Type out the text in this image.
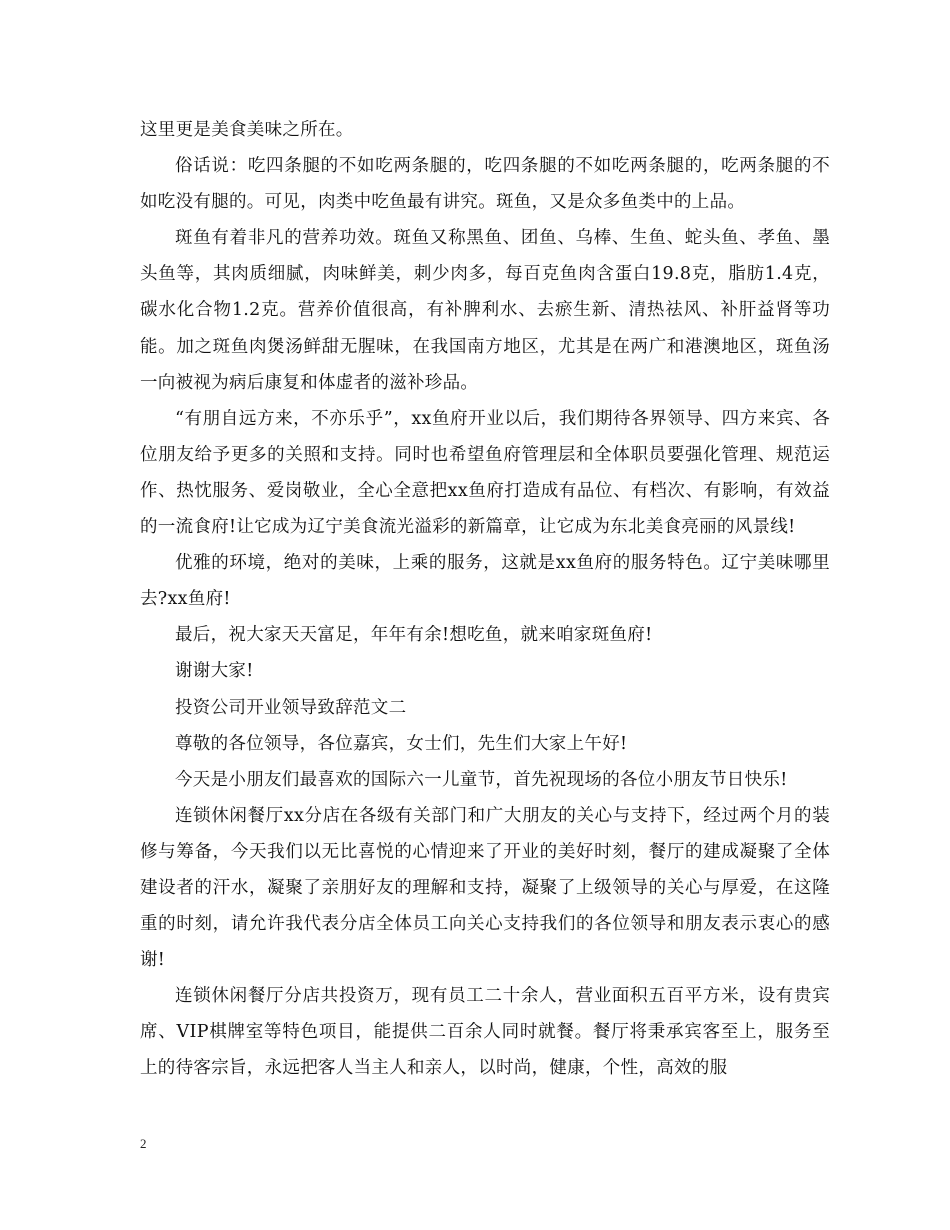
这里更是美食美味之所在。

俗话说：吃四条腿的不如吃两条腿的，吃四条腿的不如吃两条腿的，吃两条腿的不如吃没有腿的。可见，肉类中吃鱼最有讲究。斑鱼，又是众多鱼类中的上品。

斑鱼有着非凡的营养功效。斑鱼又称黑鱼、团鱼、乌棒、生鱼、蛇头鱼、孝鱼、墨头鱼等，其肉质细腻，肉味鲜美，刺少肉多，每百克鱼肉含蛋白19.8克，脂肪1.4克，碳水化合物1.2克。营养价值很高，有补脾利水、去瘀生新、清热祛风、补肝益肾等功能。加之斑鱼肉煲汤鲜甜无腥味，在我国南方地区，尤其是在两广和港澳地区，斑鱼汤一向被视为病后康复和体虚者的滋补珍品。

“有朋自远方来，不亦乐乎”，xx鱼府开业以后，我们期待各界领导、四方来宾、各位朋友给予更多的关照和支持。同时也希望鱼府管理层和全体职员要强化管理、规范运作、热忱服务、爱岗敬业，全心全意把xx鱼府打造成有品位、有档次、有影响，有效益的一流食府!让它成为辽宁美食流光溢彩的新篇章，让它成为东北美食亮丽的风景线!

优雅的环境，绝对的美味，上乘的服务，这就是xx鱼府的服务特色。辽宁美味哪里去?xx鱼府!

最后，祝大家天天富足，年年有余!想吃鱼，就来咱家斑鱼府!

谢谢大家!

投资公司开业领导致辞范文二

尊敬的各位领导，各位嘉宾，女士们，先生们大家上午好!

今天是小朋友们最喜欢的国际六一儿童节，首先祝现场的各位小朋友节日快乐!

连锁休闲餐厅xx分店在各级有关部门和广大朋友的关心与支持下，经过两个月的装修与筹备，今天我们以无比喜悦的心情迎来了开业的美好时刻，餐厅的建成凝聚了全体建设者的汗水，凝聚了亲朋好友的理解和支持，凝聚了上级领导的关心与厚爱，在这隆重的时刻，请允许我代表分店全体员工向关心支持我们的各位领导和朋友表示衷心的感谢!

连锁休闲餐厅分店共投资万，现有员工二十余人，营业面积五百平方米，设有贵宾席、VIP棋牌室等特色项目，能提供二百余人同时就餐。餐厅将秉承宾客至上，服务至上的待客宗旨，永远把客人当主人和亲人，以时尚，健康，个性，高效的服

2
